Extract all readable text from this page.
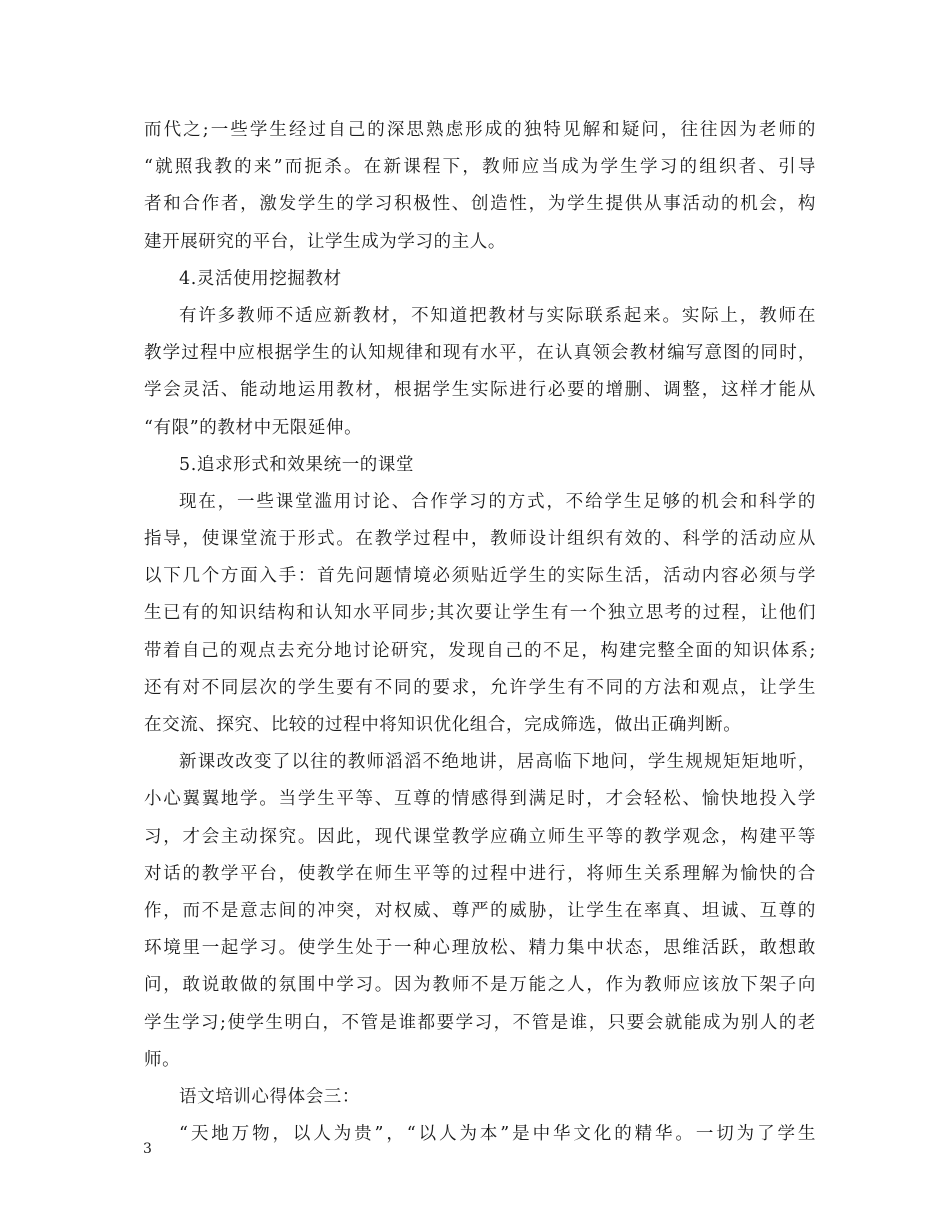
而代之;一些学生经过自己的深思熟虑形成的独特见解和疑问，往往因为老师的
“就照我教的来”而扼杀。在新课程下，教师应当成为学生学习的组织者、引导
者和合作者，激发学生的学习积极性、创造性，为学生提供从事活动的机会，构
建开展研究的平台，让学生成为学习的主人。
4.灵活使用挖掘教材
有许多教师不适应新教材，不知道把教材与实际联系起来。实际上，教师在
教学过程中应根据学生的认知规律和现有水平，在认真领会教材编写意图的同时，
学会灵活、能动地运用教材，根据学生实际进行必要的增删、调整，这样才能从
“有限”的教材中无限延伸。
5.追求形式和效果统一的课堂
现在，一些课堂滥用讨论、合作学习的方式，不给学生足够的机会和科学的
指导，使课堂流于形式。在教学过程中，教师设计组织有效的、科学的活动应从
以下几个方面入手：首先问题情境必须贴近学生的实际生活，活动内容必须与学
生已有的知识结构和认知水平同步;其次要让学生有一个独立思考的过程，让他们
带着自己的观点去充分地讨论研究，发现自己的不足，构建完整全面的知识体系;
还有对不同层次的学生要有不同的要求，允许学生有不同的方法和观点，让学生
在交流、探究、比较的过程中将知识优化组合，完成筛选，做出正确判断。
新课改改变了以往的教师滔滔不绝地讲，居高临下地问，学生规规矩矩地听，
小心翼翼地学。当学生平等、互尊的情感得到满足时，才会轻松、愉快地投入学
习，才会主动探究。因此，现代课堂教学应确立师生平等的教学观念，构建平等
对话的教学平台，使教学在师生平等的过程中进行，将师生关系理解为愉快的合
作，而不是意志间的冲突，对权威、尊严的威胁，让学生在率真、坦诚、互尊的
环境里一起学习。使学生处于一种心理放松、精力集中状态，思维活跃，敢想敢
问，敢说敢做的氛围中学习。因为教师不是万能之人，作为教师应该放下架子向
学生学习;使学生明白，不管是谁都要学习，不管是谁，只要会就能成为别人的老
师。
语文培训心得体会三：
“天地万物，以人为贵”，“以人为本”是中华文化的精华。一切为了学生
3
